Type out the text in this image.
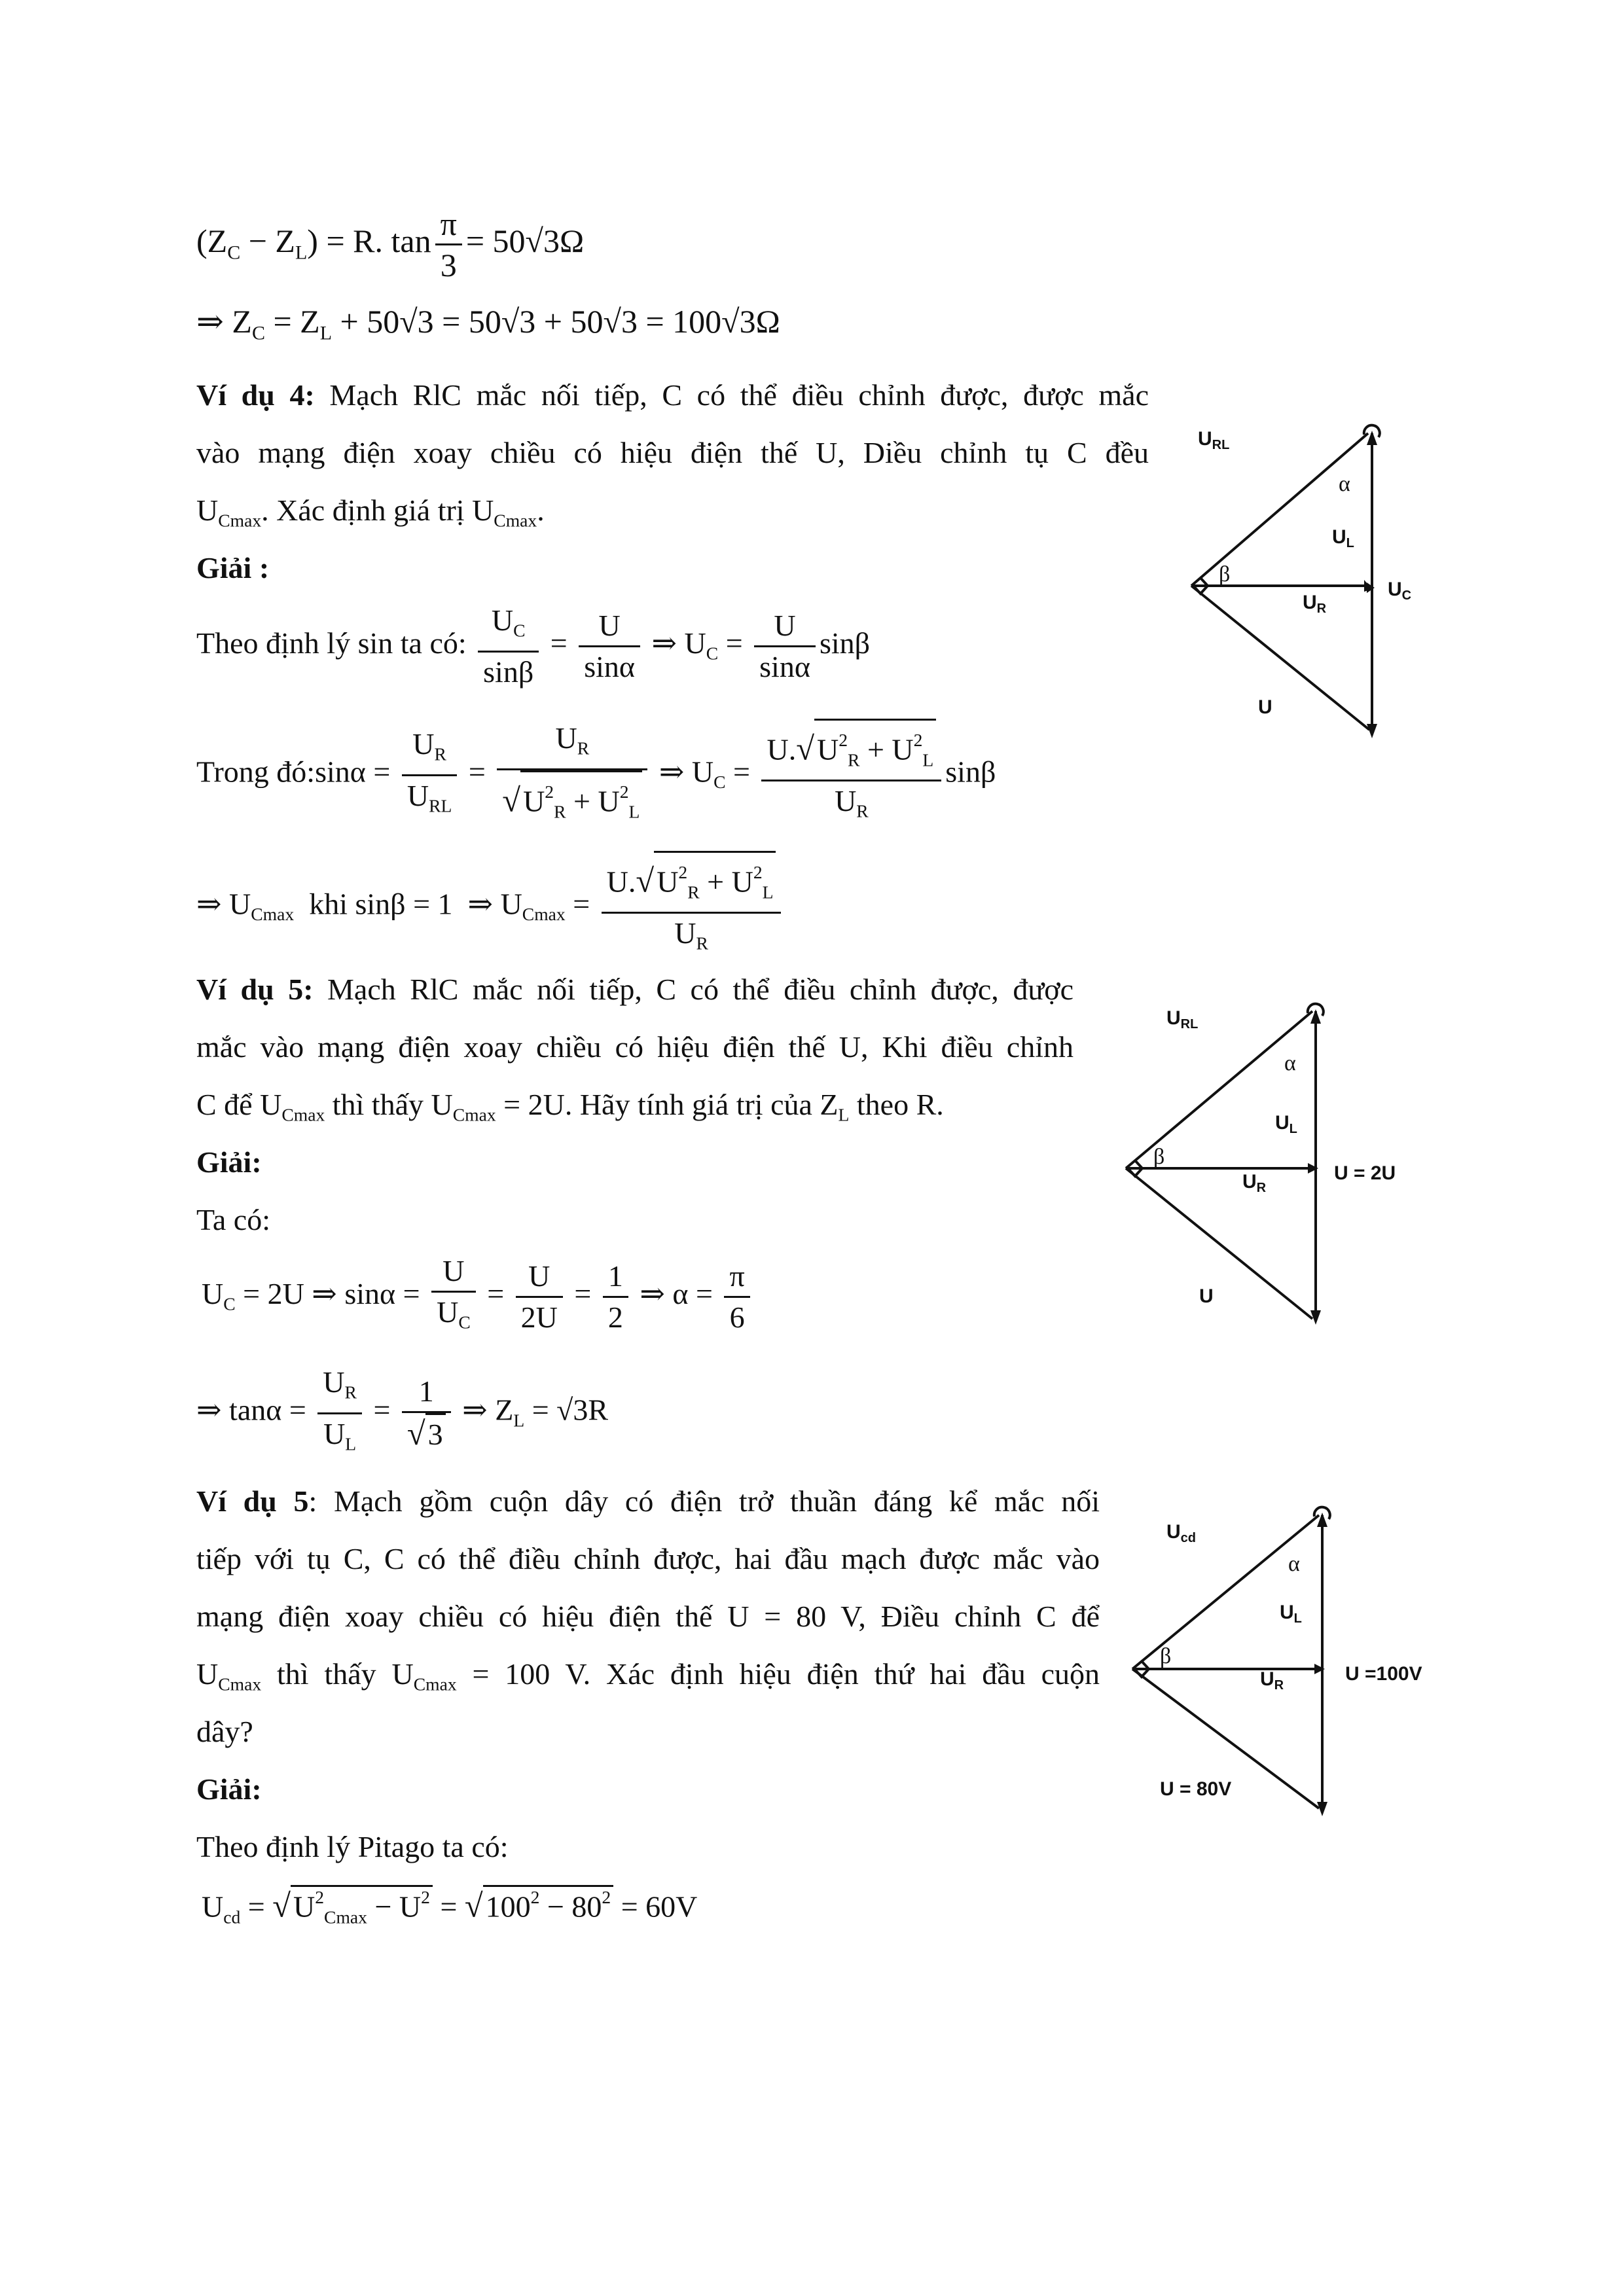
$(Z_C - Z_L) = R$. $\tan \frac{\pi}{3} = 50√3\Omega$
⇒ $Z_C = Z_L + 50√3 = 50√3 + 50√3 = 100√3\Omega$
Ví dụ 4: Mạch RlC mắc nối tiếp, C có thể điều chỉnh được, được mắc
vào mạng điện xoay chiều có hiệu điện thế U, Diều chỉnh tụ C đều
$U_{Cmax}$. Xác định giá trị $U_{Cmax}$.
Giải :
Theo định lý sin ta có: $\frac{U_C}{\sin\beta} = \frac{U}{\sin\alpha}$ ⇒ $U_C = \frac{U}{\sin\alpha}$ sinβ
Trong đó:sinα = $\frac{U_R}{U_{RL}} = \frac{U_R}{√U^2_R + U^2_L}$ ⇒ $U_C = \frac{U.√U^2_R + U^2_L}{U_R}$ sinβ
⇒ $U_{Cmax}$ khi sinβ = 1 ⇒ $U_{Cmax} = \frac{U.√U^2_R + U^2_L}{U_R}$
Ví dụ 5: Mạch RlC mắc nối tiếp, C có thể điều chỉnh được, được
mắc vào mạng điện xoay chiều có hiệu điện thế U, Khi điều chỉnh
C để $U_{Cmax}$ thì thấy $U_{Cmax} = 2U$. Hãy tính giá trị của $Z_L$ theo R.
Giải:
Ta có:
$U_C = 2U$ ⇒ $\sin\alpha = \frac{U}{U_C} = \frac{U}{2U} = \frac{1}{2}$ ⇒ $\alpha = \frac{\pi}{6}$
⇒ $\tan\alpha = \frac{U_R}{U_L} = \frac{1}{√3}$ ⇒ $Z_L = √3R$
Ví dụ 5: Mạch gồm cuộn dây có điện trở thuần đáng kể mắc nối
tiếp với tụ C, C có thể điều chỉnh được, hai đầu mạch được mắc vào
mạng điện xoay chiều có hiệu điện thế U = 80 V, Điều chỉnh C để
$U_{Cmax}$ thì thấy $U_{Cmax} = 100$ V. Xác định hiệu điện thứ hai đầu cuộn
dây?
Giải:
Theo định lý Pitago ta có:
$U_{cd} = √U^2_{Cmax} - U^2 = √100^2 - 80^2 = 60V$
$U_{RL}$
α
β
$U_L$
$U_R$
$U_C$
U
$U_{RL}$
α
β
$U_L$
$U_R$
U = 2U
U
$U_{cd}$
α
β
$U_L$
$U_R$
U =100V
U = 80V
